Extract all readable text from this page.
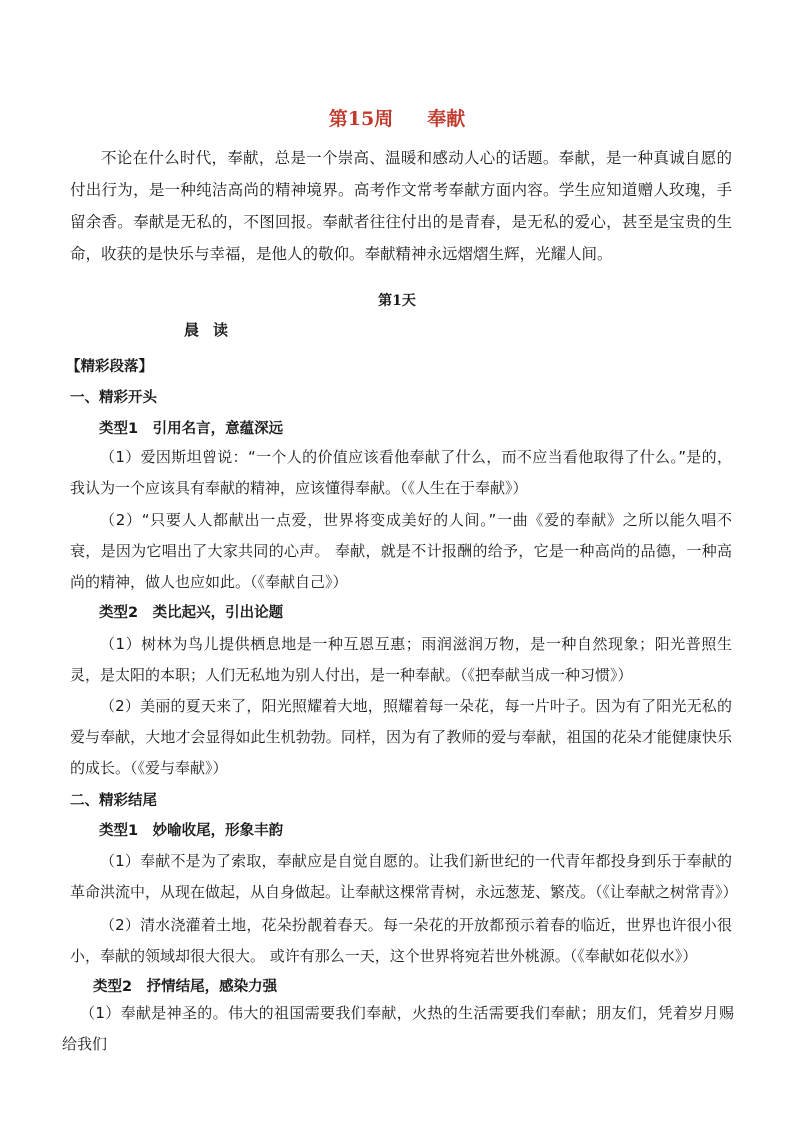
第15周 奉献
不论在什么时代，奉献，总是一个崇高、温暖和感动人心的话题。奉献，是一种真诚自愿的付出行为，是一种纯洁高尚的精神境界。高考作文常考奉献方面内容。学生应知道赠人玫瑰，手留余香。奉献是无私的，不图回报。奉献者往往付出的是青春，是无私的爱心，甚至是宝贵的生命，收获的是快乐与幸福，是他人的敬仰。奉献精神永远熠熠生辉，光耀人间。
第1天
晨读
【精彩段落】
一、精彩开头
类型1　引用名言，意蕴深远
（1）爱因斯坦曾说：“一个人的价值应该看他奉献了什么，而不应当看他取得了什么。”是的，我认为一个应该具有奉献的精神，应该懂得奉献。（《人生在于奉献》）
（2）“只要人人都献出一点爱，世界将变成美好的人间。”一曲《爱的奉献》之所以能久唱不衰，是因为它唱出了大家共同的心声。 奉献，就是不计报酬的给予，它是一种高尚的品德，一种高尚的精神，做人也应如此。（《奉献自己》）
类型2　类比起兴，引出论题
（1）树林为鸟儿提供栖息地是一种互恩互惠；雨润滋润万物，是一种自然现象；阳光普照生灵，是太阳的本职；人们无私地为别人付出，是一种奉献。（《把奉献当成一种习惯》）
（2）美丽的夏天来了，阳光照耀着大地，照耀着每一朵花，每一片叶子。因为有了阳光无私的爱与奉献，大地才会显得如此生机勃勃。同样，因为有了教师的爱与奉献，祖国的花朵才能健康快乐的成长。（《爱与奉献》）
二、精彩结尾
类型1　妙喻收尾，形象丰韵
（1）奉献不是为了索取，奉献应是自觉自愿的。让我们新世纪的一代青年都投身到乐于奉献的革命洪流中，从现在做起，从自身做起。让奉献这棵常青树，永远葱茏、繁茂。（《让奉献之树常青》）
（2）清水浇灌着土地，花朵扮靓着春天。每一朵花的开放都预示着春的临近，世界也许很小很小，奉献的领域却很大很大。 或许有那么一天，这个世界将宛若世外桃源。（《奉献如花似水》）
类型2　抒情结尾，感染力强
（1）奉献是神圣的。伟大的祖国需要我们奉献，火热的生活需要我们奉献；朋友们，凭着岁月赐给我们
